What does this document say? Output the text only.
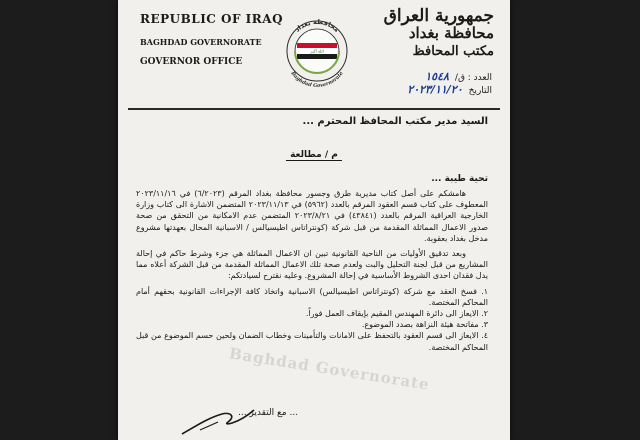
REPUBLIC OF IRAQ
BAGHDAD GOVERNORATE
GOVERNOR OFFICE
محافظة بغداد
الله أكبر
Baghdad Governorate
جمهورية العراق
محافظة بغداد
مكتب المحافظ
العدد : ق/
١٥٤٨
التاريخ
٢٠٢٣/١١/٢٠
السيد مدير مكتب المحافظ المحترم ...
م / مطالعة
تحية طيبة ...

هامشكم على أصل كتاب مديرية طرق وجسور محافظة بغداد المرقم (٦/٢٠٢٣) في ٢٠٢٣/١١/١٦ المعطوف على كتاب قسم العقود المرقم بالعدد (٥٩٦٢) في ٢٠٢٣/١١/١٣ المتضمن الاشارة الى كتاب وزارة الخارجية العراقية المرقم بالعدد (٤٣٨٤١) في ٢٠٢٣/٨/٢١ المتضمن عدم الامكانية من التحقق من صحة صدور الاعمال المماثلة المقدمة من قبل شركة (كونتراتاس اطيسيالس / الاسبانية المحال بعهدتها مشروع مدخل بغداد بعقوبة.

وبعد تدقيق الأوليات من الناحية القانونية تبين ان الاعمال المماثلة هي جزء وشرط حاكم في إحالة المشاريع من قبل لجنة التحليل والبت ولعدم صحة تلك الاعمال المماثلة المقدمة من قبل الشركة أعلاه مما يدل فقدان احدى الشروط الأساسية في إحالة المشروع. وعليه نقترح لسيادتكم:

١. فسخ العقد مع شركة (كونتراتاس اطيسيالس) الاسبانية واتخاذ كافة الإجراءات القانونية بحقهم أمام المحاكم المختصة.

٢. الايعاز الى دائرة المهندس المقيم بإيقاف العمل فوراً.

٣. مفاتحة هيئة النزاهة بصدد الموضوع.

٤. الايعاز الى قسم العقود بالتحفظ على الامانات والتأمينات وخطاب الضمان ولحين حسم الموضوع من قبل المحاكم المختصة.

Baghdad Governorate
... مع التقدير ...
